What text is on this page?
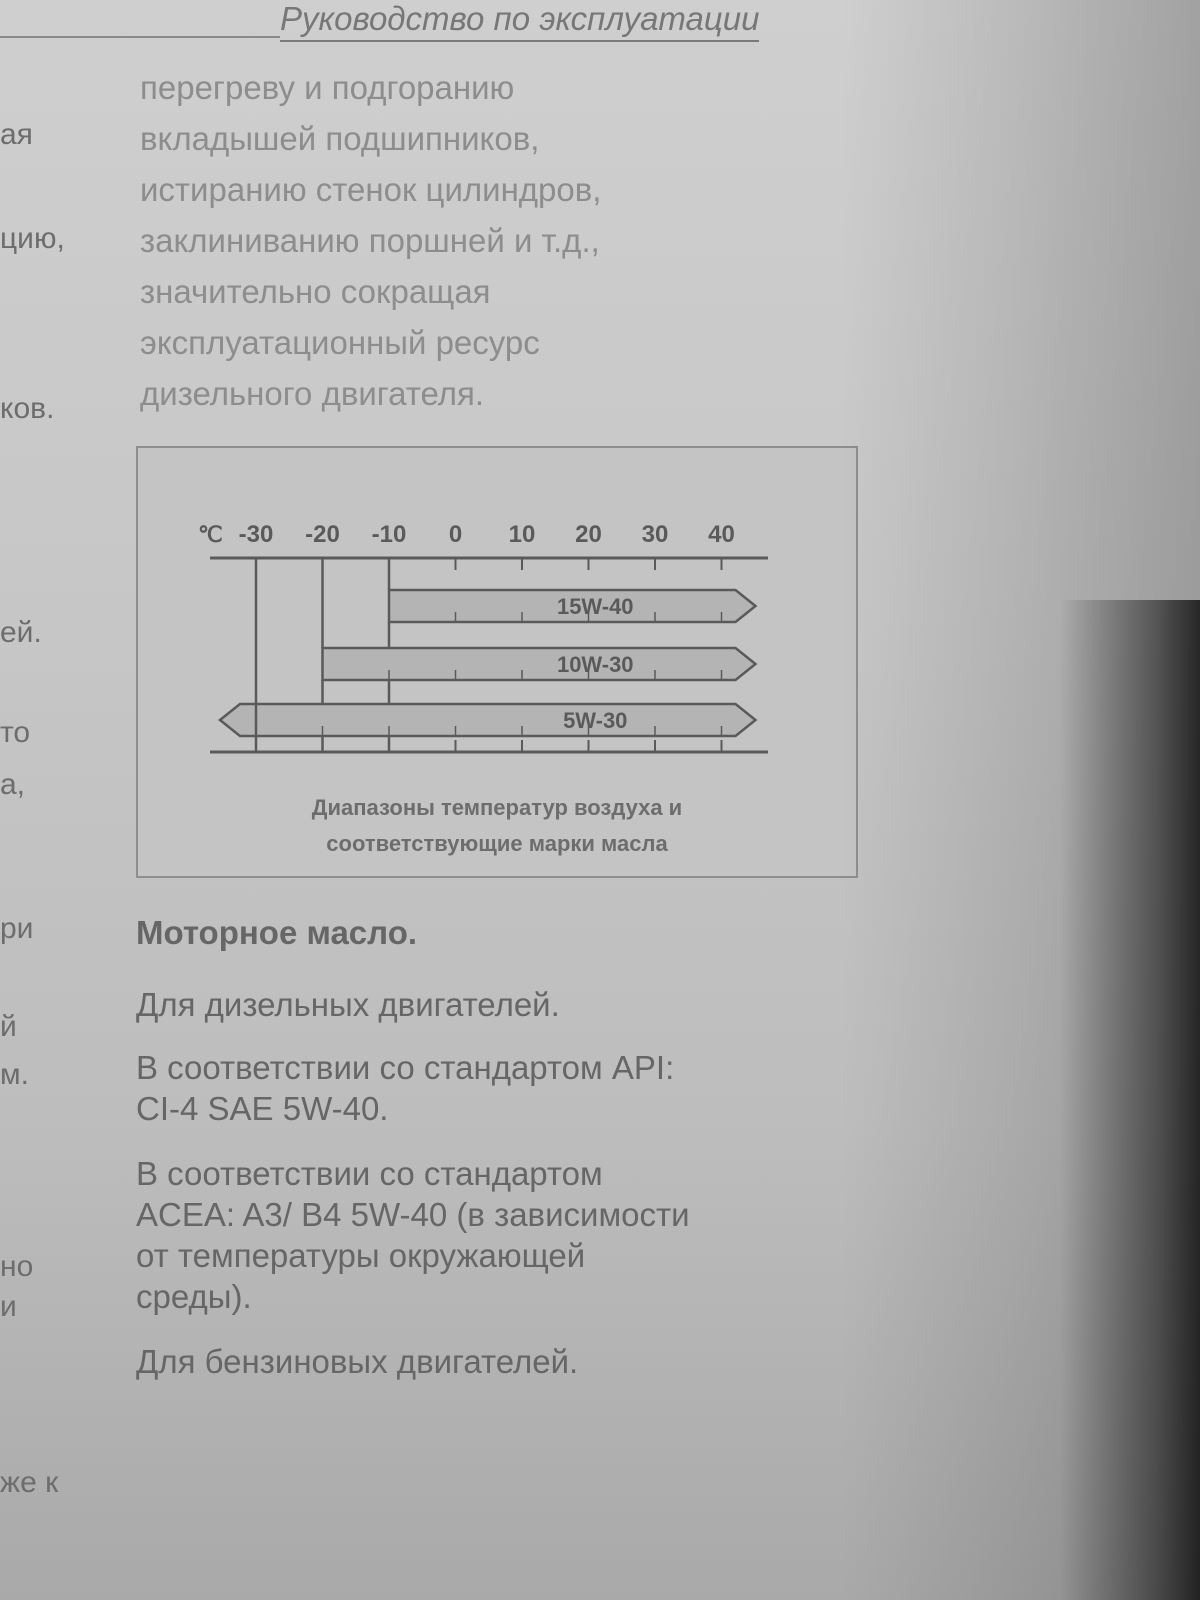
Руководство по эксплуатации
ая
цию,
ков.
ей.
то
а,
ри
й
м.
но
и
же к
перегреву и подгоранию
вкладышей подшипников,
истиранию стенок цилиндров,
заклиниванию поршней и т.д.,
значительно сокращая
эксплуатационный ресурс
дизельного двигателя.
℃ -30 -20 -10 0 10 20 30 40
15W-40
10W-30
5W-30
Диапазоны температур воздуха и
соответствующие марки масла
Моторное масло.

Для дизельных двигателей.

В соответствии со стандартом API:
CI-4 SAE 5W-40.

В соответствии со стандартом
ACEA: A3/ B4 5W-40 (в зависимости
от температуры окружающей
среды).

Для бензиновых двигателей.
